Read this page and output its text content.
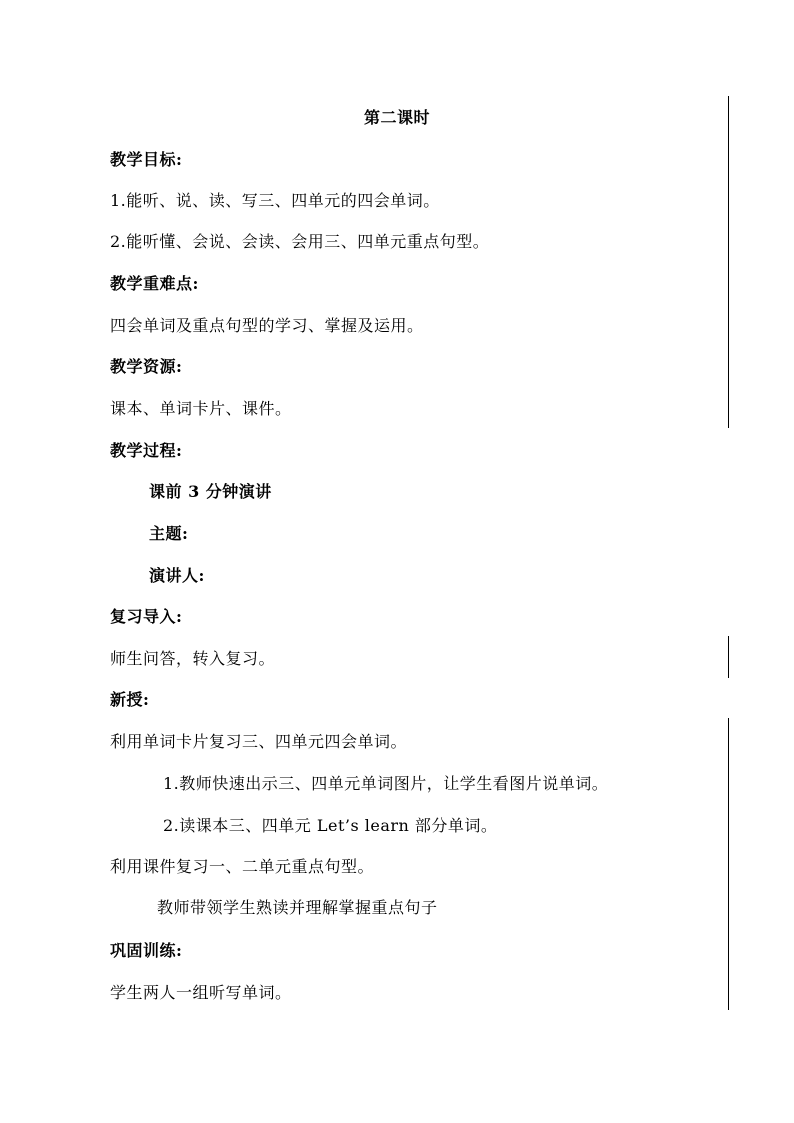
第二课时
教学目标:
1.能听、说、读、写三、四单元的四会单词。
2.能听懂、会说、会读、会用三、四单元重点句型。
教学重难点:
四会单词及重点句型的学习、掌握及运用。
教学资源:
课本、单词卡片、课件。
教学过程:
课前 3 分钟演讲
主题:
演讲人:
复习导入:
师生问答，转入复习。
新授:
利用单词卡片复习三、四单元四会单词。
1.教师快速出示三、四单元单词图片，让学生看图片说单词。
2.读课本三、四单元 Let’s learn 部分单词。
利用课件复习一、二单元重点句型。
教师带领学生熟读并理解掌握重点句子
巩固训练:
学生两人一组听写单词。
